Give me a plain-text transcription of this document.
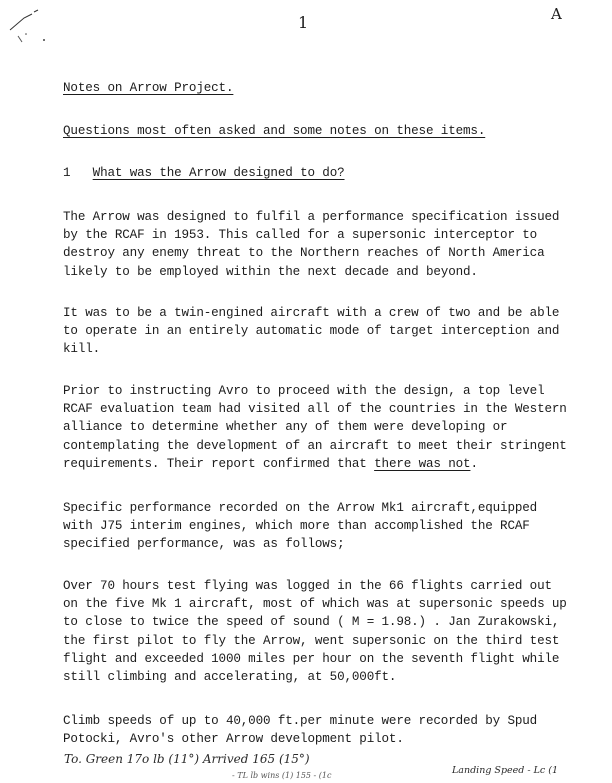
1	A
Notes on Arrow Project.
Questions most often asked and some notes on these items.
1 What was the Arrow designed to do?
The Arrow was designed to fulfil a performance specification issued
by the RCAF in 1953. This called for a supersonic interceptor to
destroy any enemy threat to the Northern reaches of North America
likely to be employed within the next decade and beyond.
It was to be a twin-engined aircraft with a crew of two and be able
to operate in an entirely automatic mode of target interception and
kill.
Prior to instructing Avro to proceed with the design, a top level
RCAF evaluation team had visited all of the countries in the Western
alliance to determine whether any of them were developing or
contemplating the development of an aircraft to meet their stringent
requirements. Their report confirmed that there was not.
Specific performance recorded on the Arrow Mk1 aircraft,equipped
with J75 interim engines, which more than accomplished the RCAF
specified performance, was as follows;
Over 70 hours test flying was logged in the 66 flights carried out
on the five Mk 1 aircraft, most of which was at supersonic speeds up
to close to twice the speed of sound ( M = 1.98.) . Jan Zurakowski,
the first pilot to fly the Arrow, went supersonic on the third test
flight and exceeded 1000 miles per hour on the seventh flight while
still climbing and accelerating, at 50,000ft.
Climb speeds of up to 40,000 ft.per minute were recorded by Spud
Potocki, Avro's other Arrow development pilot.
To. Green 17o lb (11°) Arrived 165 (15°)
- TL lb wins (1) 155 - (1c	Landing Speed - Lc (1
